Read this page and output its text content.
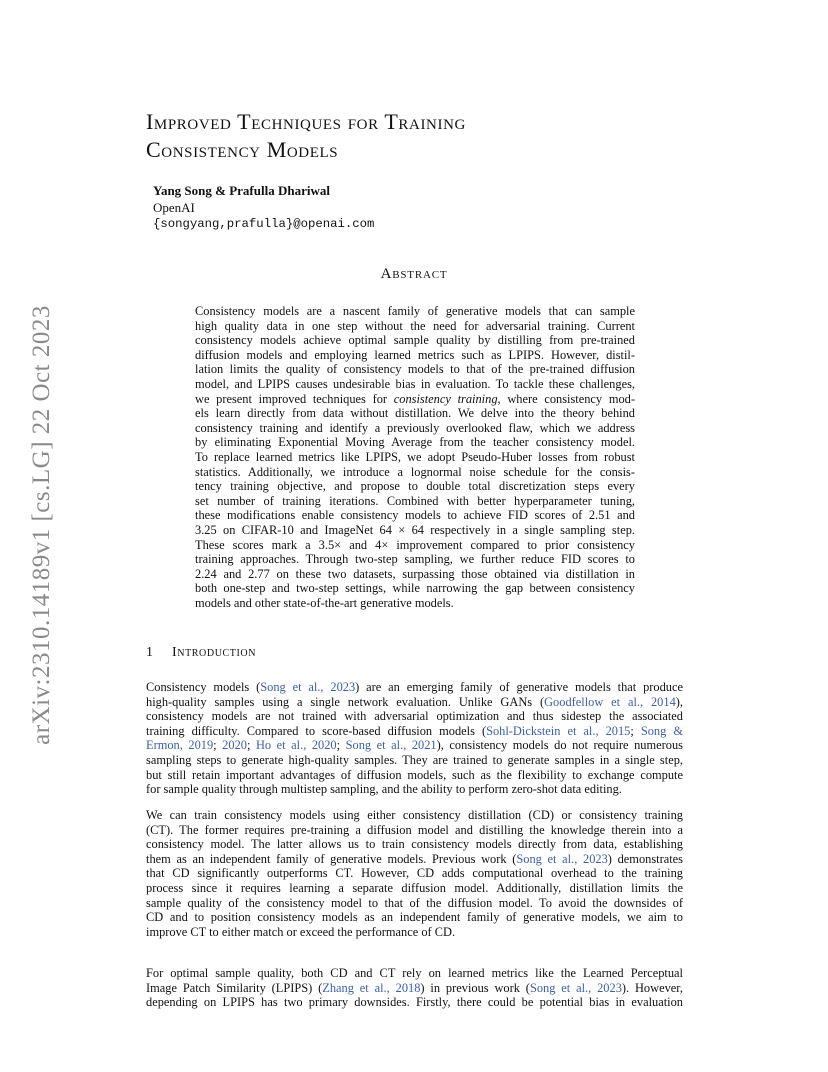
arXiv:2310.14189v1 [cs.LG] 22 Oct 2023
Improved Techniques for Training
Consistency Models
Yang Song & Prafulla Dhariwal
OpenAI
{songyang,prafulla}@openai.com
Abstract
Consistency models are a nascent family of generative models that can sample
high quality data in one step without the need for adversarial training. Current
consistency models achieve optimal sample quality by distilling from pre-trained
diffusion models and employing learned metrics such as LPIPS. However, distil-
lation limits the quality of consistency models to that of the pre-trained diffusion
model, and LPIPS causes undesirable bias in evaluation. To tackle these challenges,
we present improved techniques for consistency training, where consistency mod-
els learn directly from data without distillation. We delve into the theory behind
consistency training and identify a previously overlooked flaw, which we address
by eliminating Exponential Moving Average from the teacher consistency model.
To replace learned metrics like LPIPS, we adopt Pseudo-Huber losses from robust
statistics. Additionally, we introduce a lognormal noise schedule for the consis-
tency training objective, and propose to double total discretization steps every
set number of training iterations. Combined with better hyperparameter tuning,
these modifications enable consistency models to achieve FID scores of 2.51 and
3.25 on CIFAR-10 and ImageNet 64 × 64 respectively in a single sampling step.
These scores mark a 3.5× and 4× improvement compared to prior consistency
training approaches. Through two-step sampling, we further reduce FID scores to
2.24 and 2.77 on these two datasets, surpassing those obtained via distillation in
both one-step and two-step settings, while narrowing the gap between consistency
models and other state-of-the-art generative models.
1 Introduction
Consistency models (Song et al., 2023) are an emerging family of generative models that produce
high-quality samples using a single network evaluation. Unlike GANs (Goodfellow et al., 2014),
consistency models are not trained with adversarial optimization and thus sidestep the associated
training difficulty. Compared to score-based diffusion models (Sohl-Dickstein et al., 2015; Song &
Ermon, 2019; 2020; Ho et al., 2020; Song et al., 2021), consistency models do not require numerous
sampling steps to generate high-quality samples. They are trained to generate samples in a single step,
but still retain important advantages of diffusion models, such as the flexibility to exchange compute
for sample quality through multistep sampling, and the ability to perform zero-shot data editing.
We can train consistency models using either consistency distillation (CD) or consistency training
(CT). The former requires pre-training a diffusion model and distilling the knowledge therein into a
consistency model. The latter allows us to train consistency models directly from data, establishing
them as an independent family of generative models. Previous work (Song et al., 2023) demonstrates
that CD significantly outperforms CT. However, CD adds computational overhead to the training
process since it requires learning a separate diffusion model. Additionally, distillation limits the
sample quality of the consistency model to that of the diffusion model. To avoid the downsides of
CD and to position consistency models as an independent family of generative models, we aim to
improve CT to either match or exceed the performance of CD.
For optimal sample quality, both CD and CT rely on learned metrics like the Learned Perceptual
Image Patch Similarity (LPIPS) (Zhang et al., 2018) in previous work (Song et al., 2023). However,
depending on LPIPS has two primary downsides. Firstly, there could be potential bias in evaluation
